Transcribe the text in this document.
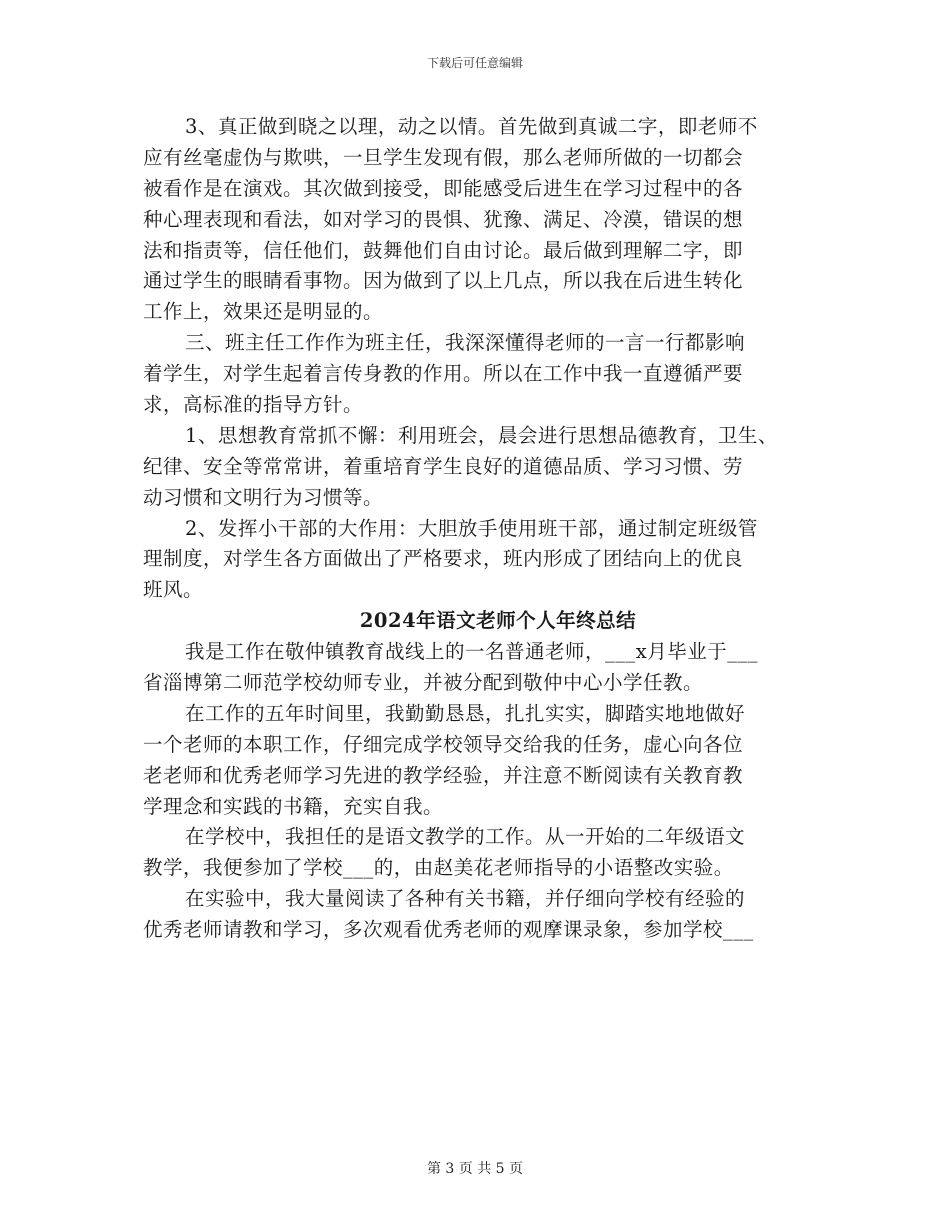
下载后可任意编辑
3、真正做到晓之以理，动之以情。首先做到真诚二字，即老师不
应有丝毫虚伪与欺哄，一旦学生发现有假，那么老师所做的一切都会
被看作是在演戏。其次做到接受，即能感受后进生在学习过程中的各
种心理表现和看法，如对学习的畏惧、犹豫、满足、冷漠，错误的想
法和指责等，信任他们，鼓舞他们自由讨论。最后做到理解二字，即
通过学生的眼睛看事物。因为做到了以上几点，所以我在后进生转化
工作上，效果还是明显的。
三、班主任工作作为班主任，我深深懂得老师的一言一行都影响
着学生，对学生起着言传身教的作用。所以在工作中我一直遵循严要
求，高标准的指导方针。
1、思想教育常抓不懈：利用班会，晨会进行思想品德教育，卫生、
纪律、安全等常常讲，着重培育学生良好的道德品质、学习习惯、劳
动习惯和文明行为习惯等。
2、发挥小干部的大作用：大胆放手使用班干部，通过制定班级管
理制度，对学生各方面做出了严格要求，班内形成了团结向上的优良
班风。
2024年语文老师个人年终总结
我是工作在敬仲镇教育战线上的一名普通老师，___x月毕业于___
省淄博第二师范学校幼师专业，并被分配到敬仲中心小学任教。
在工作的五年时间里，我勤勤恳恳，扎扎实实，脚踏实地地做好
一个老师的本职工作，仔细完成学校领导交给我的任务，虚心向各位
老老师和优秀老师学习先进的教学经验，并注意不断阅读有关教育教
学理念和实践的书籍，充实自我。
在学校中，我担任的是语文教学的工作。从一开始的二年级语文
教学，我便参加了学校___的，由赵美花老师指导的小语整改实验。
在实验中，我大量阅读了各种有关书籍，并仔细向学校有经验的
优秀老师请教和学习，多次观看优秀老师的观摩课录象，参加学校___
第 3 页 共 5 页
